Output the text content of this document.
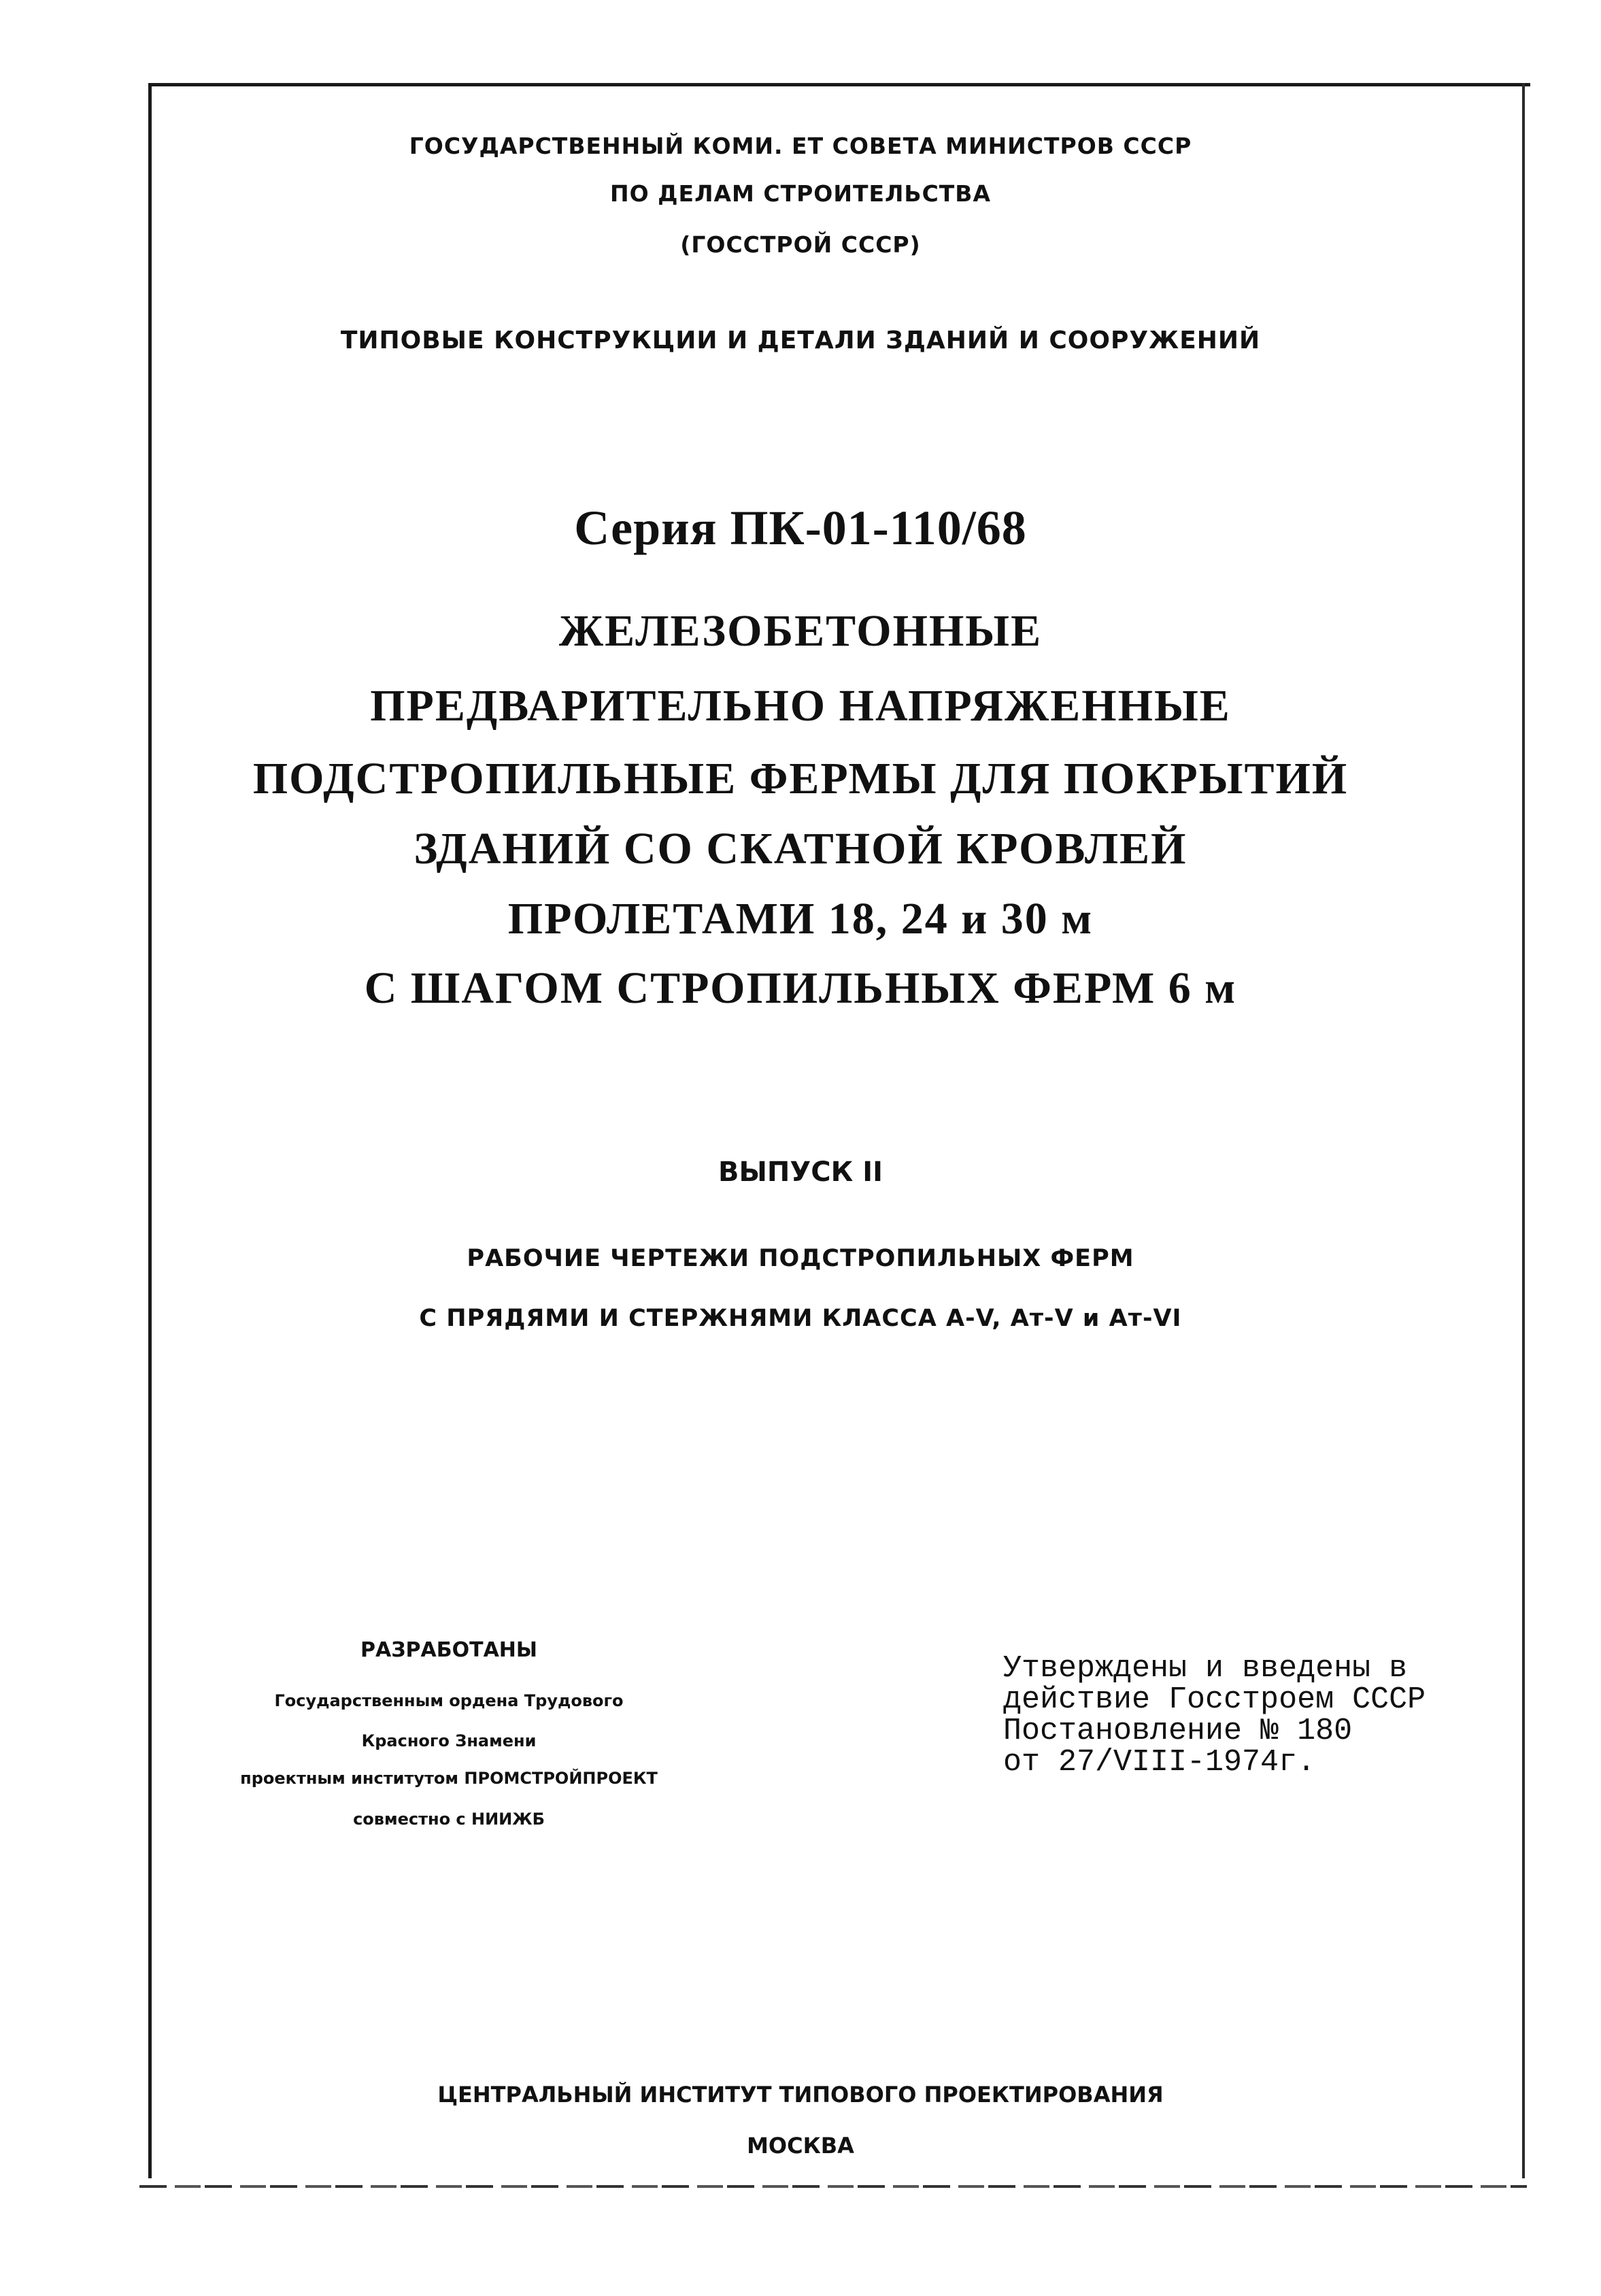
ГОСУДАРСТВЕННЫЙ КОМИ. ЕТ СОВЕТА МИНИСТРОВ СССР
ПО ДЕЛАМ СТРОИТЕЛЬСТВА
(ГОССТРОЙ СССР)
ТИПОВЫЕ КОНСТРУКЦИИ И ДЕТАЛИ ЗДАНИЙ И СООРУЖЕНИЙ
Серия ПК-01-110/68
ЖЕЛЕЗОБЕТОННЫЕ
ПРЕДВАРИТЕЛЬНО НАПРЯЖЕННЫЕ
ПОДСТРОПИЛЬНЫЕ ФЕРМЫ ДЛЯ ПОКРЫТИЙ
ЗДАНИЙ СО СКАТНОЙ КРОВЛЕЙ
ПРОЛЕТАМИ 18, 24 и 30 м
С ШАГОМ СТРОПИЛЬНЫХ ФЕРМ 6 м
ВЫПУСК II
РАБОЧИЕ ЧЕРТЕЖИ ПОДСТРОПИЛЬНЫХ ФЕРМ
С ПРЯДЯМИ И СТЕРЖНЯМИ КЛАССА А-V, Ат-V и Ат-VI
РАЗРАБОТАНЫ
Государственным ордена Трудового
Красного Знамени
проектным институтом ПРОМСТРОЙПРОЕКТ
совместно с НИИЖБ
Утверждены и введены в
действие Госстроем СССР
Постановление № 180
от 27/VIII-1974г.
ЦЕНТРАЛЬНЫЙ ИНСТИТУТ ТИПОВОГО ПРОЕКТИРОВАНИЯ
МОСКВА
